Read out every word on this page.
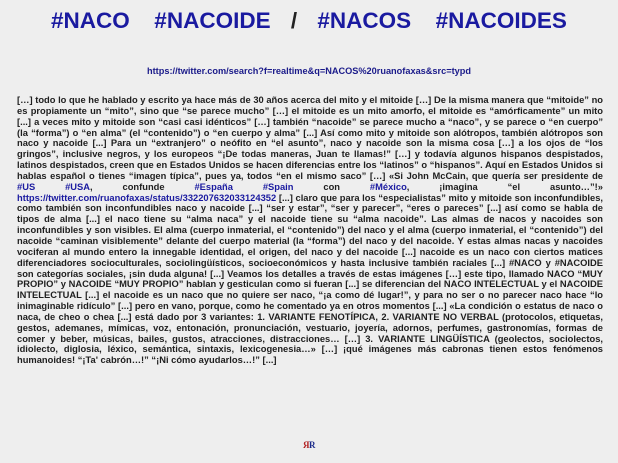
#NACO  #NACOIDE / #NACOS  #NACOIDES
https://twitter.com/search?f=realtime&q=NACOS%20ruanofaxas&src=typd
[…] todo lo que he hablado y escrito ya hace más de 30 años acerca del mito y el mitoide […] De la misma manera que “mitoide” no es propiamente un “mito”, sino que “se parece mucho” […] el mitoide es un mito amorfo, el mitoide es “amórficamente” un mito [...] a veces mito y mitoide son “casi casi idénticos” […] también “nacoide” se parece mucho a “naco”, y se parece o “en cuerpo” (la “forma”) o “en alma” (el “contenido”) o “en cuerpo y alma” [...] Así como mito y mitoide son alótropos, también alótropos son naco y nacoide [...] Para un “extranjero” o neófito en “el asunto”, naco y nacoide son la misma cosa […] a los ojos de “los gringos”, inclusive negros, y los europeos “¡De todas maneras, Juan te llamas!” […] y todavía algunos hispanos despistados, latinos despistados, creen que en Estados Unidos se hacen diferencias entre los “latinos” o “hispanos”. Aquí en Estados Unidos si hablas español o tienes “imagen típica”, pues ya, todos “en el mismo saco” […] «Si John McCain, que quería ser presidente de #US #USA, confunde #España #Spain con #México, ¡imagina “el asunto…”!» https://twitter.com/ruanofaxas/status/332207632033124352 [...] claro que para los “especialistas” mito y mitoide son inconfundibles, como también son inconfundibles naco y nacoide [...] “ser y estar”, “ser y parecer”, “eres o pareces” [...] así como se habla de tipos de alma [...] el naco tiene su “alma naca” y el nacoide tiene su “alma nacoide”. Las almas de nacos y nacoides son inconfundibles y son visibles. El alma (cuerpo inmaterial, el “contenido”) del naco y el alma (cuerpo inmaterial, el “contenido”) del nacoide “caminan visiblemente” delante del cuerpo material (la “forma”) del naco y del nacoide. Y estas almas nacas y nacoides vociferan al mundo entero la innegable identidad, el origen, del naco y del nacoide [...] nacoide es un naco con ciertos matices diferenciadores socioculturales, sociolingüísticos, socioeconómicos y hasta inclusive también raciales [...] #NACO y #NACOIDE son categorías sociales, ¡sin duda alguna! [...] Veamos los detalles a través de estas imágenes […] este tipo, llamado NACO “MUY PROPIO” y NACOIDE “MUY PROPIO” hablan y gesticulan como si fueran [...] se diferencian del NACO INTELECTUAL y el NACOIDE INTELECTUAL [...] el nacoide es un naco que no quiere ser naco, “¡a como dé lugar!”, y para no ser o no parecer naco hace “lo inimaginable ridículo” [...] pero en vano, porque, como he comentado ya en otros momentos [...] «La condición o estatus de naco o naca, de cheo o chea [...] está dado por 3 variantes: 1. VARIANTE FENOTÍPICA, 2. VARIANTE NO VERBAL (protocolos, etiquetas, gestos, ademanes, mímicas, voz, entonación, pronunciación, vestuario, joyería, adornos, perfumes, gastronomías, formas de comer y beber, músicas, bailes, gustos, atracciones, distracciones… […] 3. VARIANTE LINGÜÍSTICA (geolectos, sociolectos, idiolecto, diglosia, léxico, semántica, sintaxis, lexicogenesia…» […] ¡qué imágenes más cabronas tienen estos fenómenos humanoides! “¡Ta' cabrón…!” “¡Ni cómo ayudarlos…!” [...]
ЯR
